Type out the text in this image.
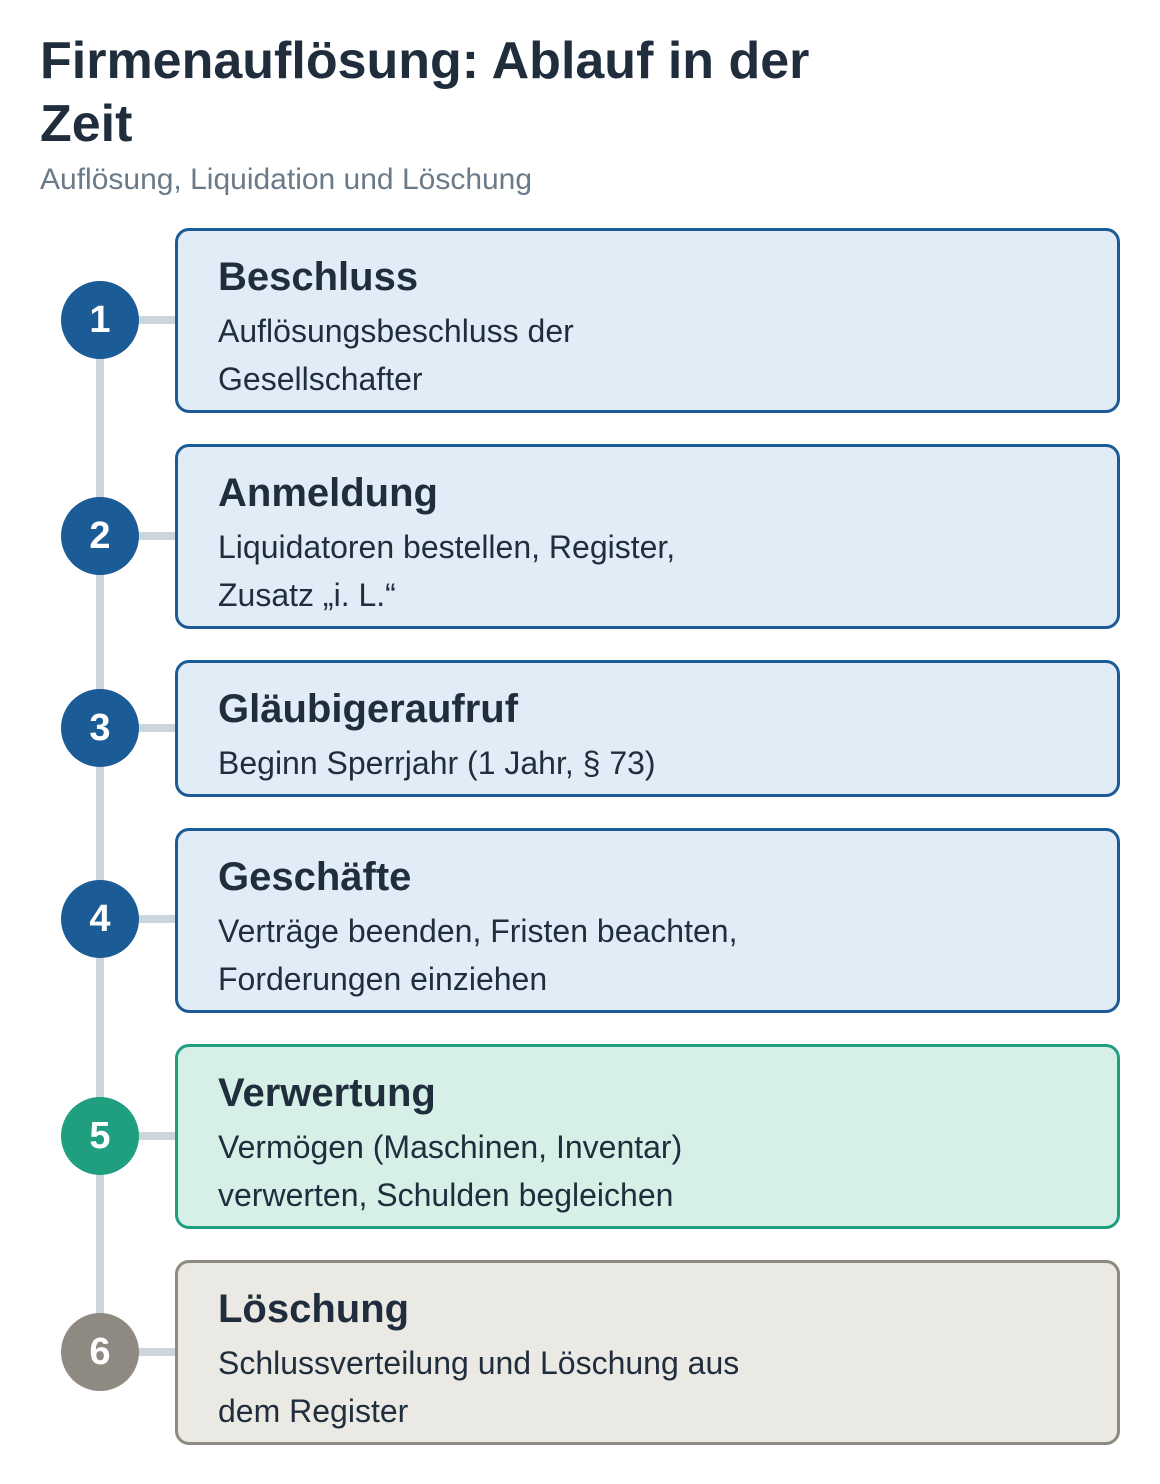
Firmenauflösung: Ablauf in der Zeit

Auflösung, Liquidation und Löschung

1
Beschluss

Auflösungsbeschluss der Gesellschafter

2
Anmeldung

Liquidatoren bestellen, Register, Zusatz „i. L.“

3	Gläubigeraufruf

Beginn Sperrjahr (1 Jahr, § 73)

4
Geschäfte

Verträge beenden, Fristen beachten, Forderungen einziehen

5
Verwertung

Vermögen (Maschinen, Inventar) verwerten, Schulden begleichen

6
Löschung

Schlussverteilung und Löschung aus dem Register
